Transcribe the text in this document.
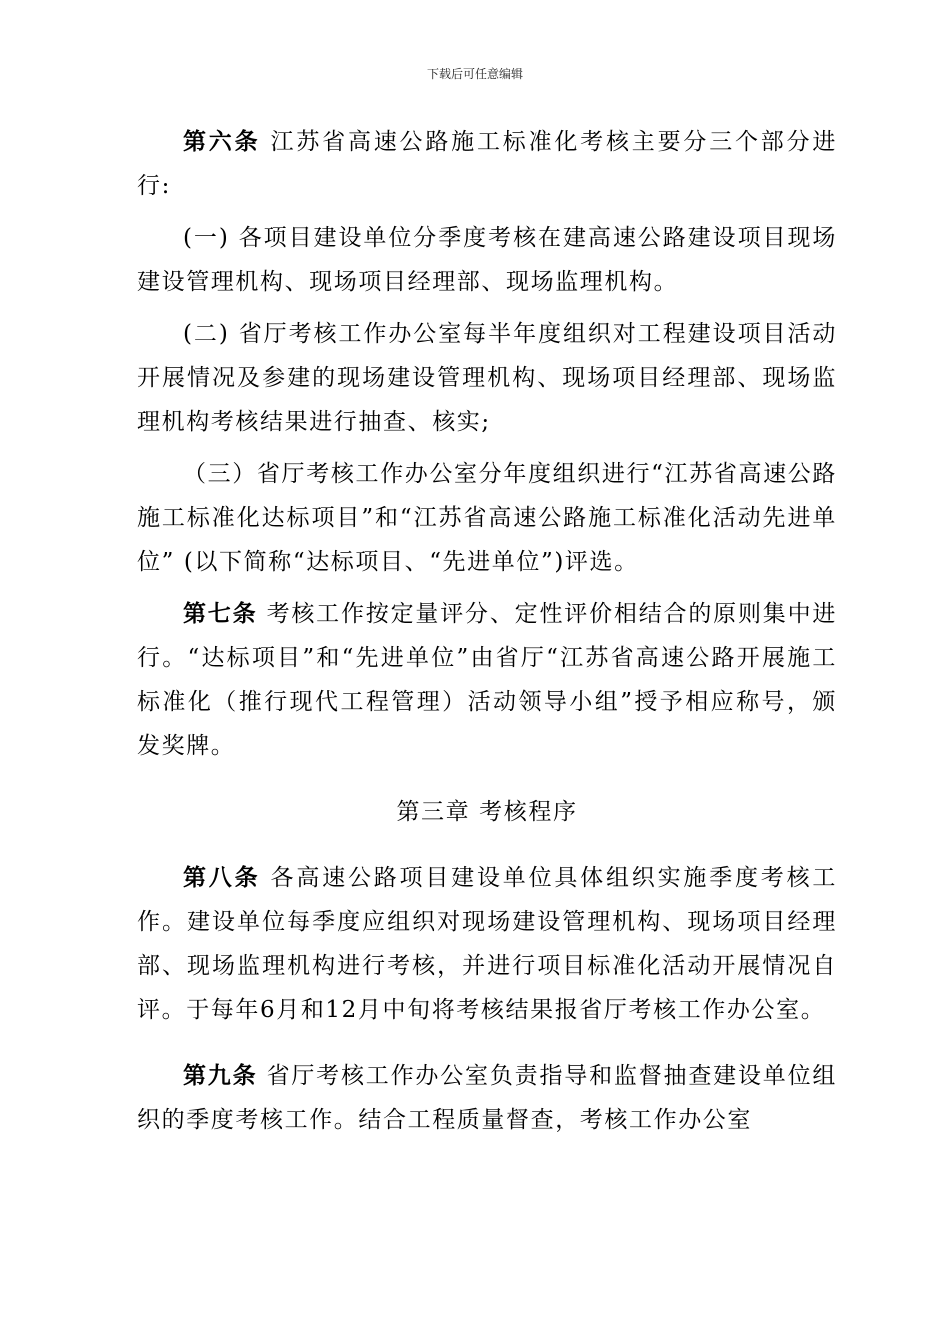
下载后可任意编辑

第六条 江苏省高速公路施工标准化考核主要分三个部分进行:

(一) 各项目建设单位分季度考核在建高速公路建设项目现场建设管理机构、现场项目经理部、现场监理机构。

(二) 省厅考核工作办公室每半年度组织对工程建设项目活动开展情况及参建的现场建设管理机构、现场项目经理部、现场监理机构考核结果进行抽查、核实;

（三）省厅考核工作办公室分年度组织进行“江苏省高速公路施工标准化达标项目”和“江苏省高速公路施工标准化活动先进单位” (以下简称“达标项目、“先进单位”)评选。

第七条 考核工作按定量评分、定性评价相结合的原则集中进行。“达标项目”和“先进单位”由省厅“江苏省高速公路开展施工标准化（推行现代工程管理）活动领导小组”授予相应称号，颁发奖牌。

第三章 考核程序

第八条 各高速公路项目建设单位具体组织实施季度考核工作。建设单位每季度应组织对现场建设管理机构、现场项目经理部、现场监理机构进行考核，并进行项目标准化活动开展情况自评。于每年6月和12月中旬将考核结果报省厅考核工作办公室。

第九条 省厅考核工作办公室负责指导和监督抽查建设单位组织的季度考核工作。结合工程质量督查，考核工作办公室
